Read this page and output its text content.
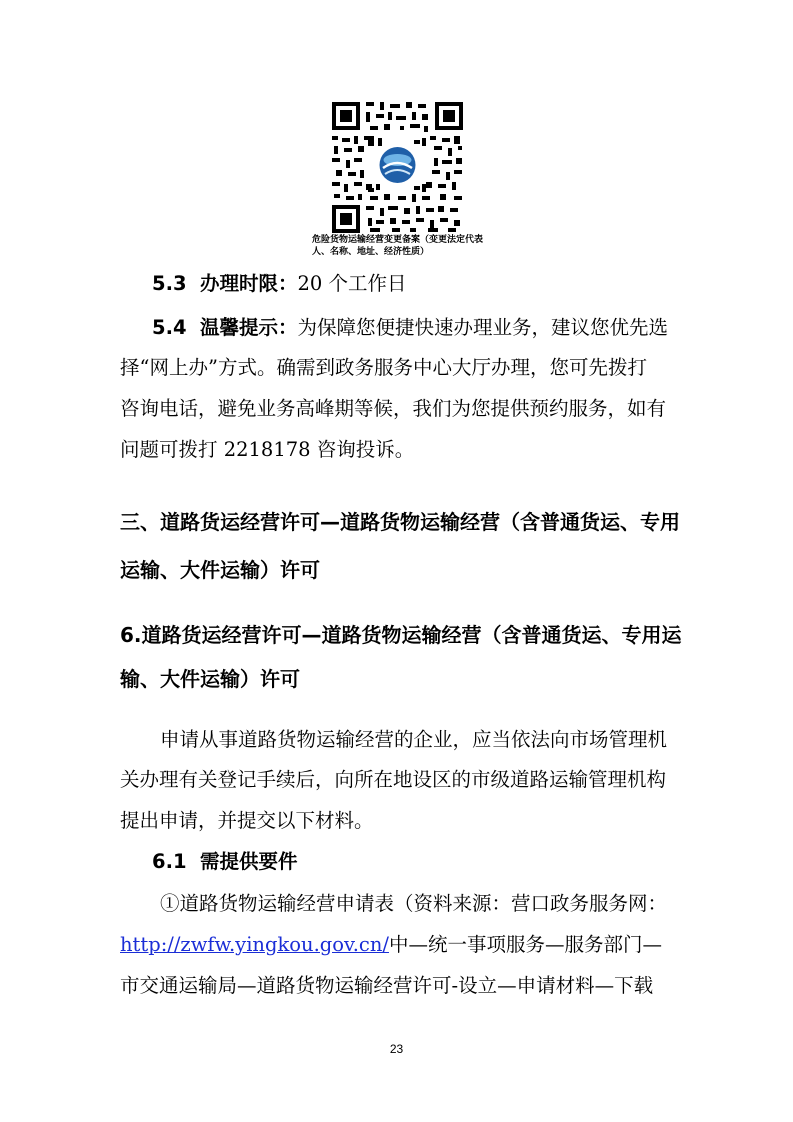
危险货物运输经营变更备案（变更法定代表
人、名称、地址、经济性质）
5.3 办理时限：20 个工作日
5.4 温馨提示：为保障您便捷快速办理业务，建议您优先选
择“网上办”方式。确需到政务服务中心大厅办理，您可先拨打
咨询电话，避免业务高峰期等候，我们为您提供预约服务，如有
问题可拨打 2218178 咨询投诉。
三、道路货运经营许可—道路货物运输经营（含普通货运、专用
运输、大件运输）许可
6.道路货运经营许可—道路货物运输经营（含普通货运、专用运
输、大件运输）许可
申请从事道路货物运输经营的企业，应当依法向市场管理机
关办理有关登记手续后，向所在地设区的市级道路运输管理机构
提出申请，并提交以下材料。
6.1 需提供要件
①道路货物运输经营申请表（资料来源：营口政务服务网：
http://zwfw.yingkou.gov.cn/中—统一事项服务—服务部门—
市交通运输局—道路货物运输经营许可-设立—申请材料—下载
23
